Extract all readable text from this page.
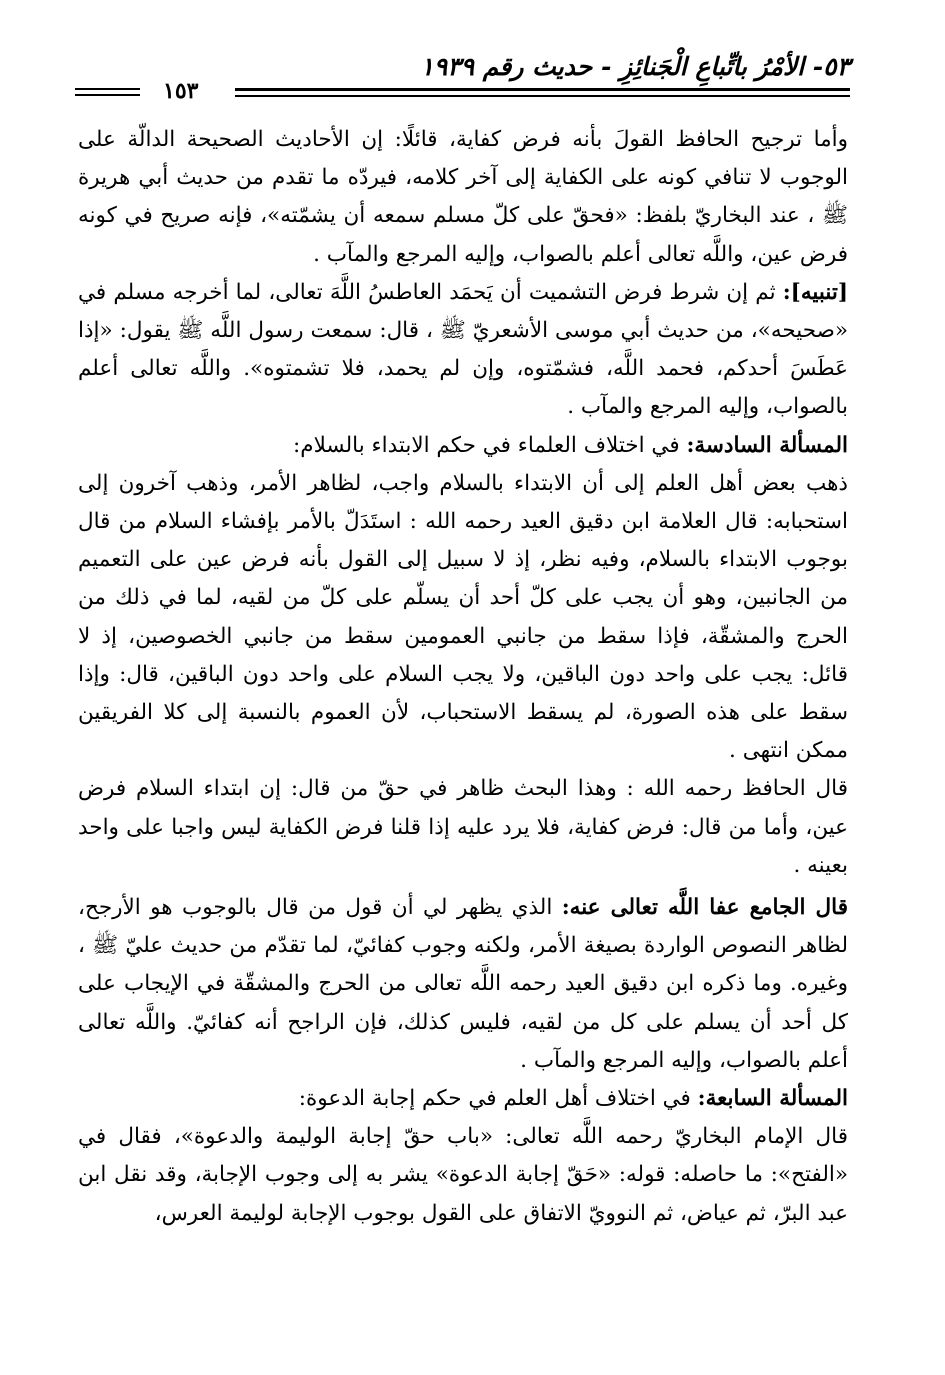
٥٣- الأمْرُ باتِّباعِ الْجَنائِزِ - حديث رقم ١٩٣٩
١٥٣

وأما ترجيح الحافظ القولَ بأنه فرض كفاية، قائلًا: إن الأحاديث الصحيحة الدالّة على الوجوب لا تنافي كونه على الكفاية إلى آخر كلامه، فيردّه ما تقدم من حديث أبي هريرة ﷺ ، عند البخاريّ بلفظ: «فحقّ على كلّ مسلم سمعه أن يشمّته»، فإنه صريح في كونه فرض عين، واللَّه تعالى أعلم بالصواب، وإليه المرجع والمآب .

[تنبيه]: ثم إن شرط فرض التشميت أن يَحمَد العاطسُ اللَّهَ تعالى، لما أخرجه مسلم في «صحيحه»، من حديث أبي موسى الأشعريّ ﷺ ، قال: سمعت رسول اللَّه ﷺ يقول: «إذا عَطَسَ أحدكم، فحمد اللَّه، فشمّتوه، وإن لم يحمد، فلا تشمتوه». واللَّه تعالى أعلم بالصواب، وإليه المرجع والمآب .

المسألة السادسة: في اختلاف العلماء في حكم الابتداء بالسلام:

ذهب بعض أهل العلم إلى أن الابتداء بالسلام واجب، لظاهر الأمر، وذهب آخرون إلى استحبابه: قال العلامة ابن دقيق العيد رحمه الله : استَدَلّ بالأمر بإفشاء السلام من قال بوجوب الابتداء بالسلام، وفيه نظر، إذ لا سبيل إلى القول بأنه فرض عين على التعميم من الجانبين، وهو أن يجب على كلّ أحد أن يسلّم على كلّ من لقيه، لما في ذلك من الحرج والمشقّة، فإذا سقط من جانبي العمومين سقط من جانبي الخصوصين، إذ لا قائل: يجب على واحد دون الباقين، ولا يجب السلام على واحد دون الباقين، قال: وإذا سقط على هذه الصورة، لم يسقط الاستحباب، لأن العموم بالنسبة إلى كلا الفريقين ممكن انتهى .

قال الحافظ رحمه الله : وهذا البحث ظاهر في حقّ من قال: إن ابتداء السلام فرض عين، وأما من قال: فرض كفاية، فلا يرد عليه إذا قلنا فرض الكفاية ليس واجبا على واحد بعينه .

قال الجامع عفا اللَّه تعالى عنه: الذي يظهر لي أن قول من قال بالوجوب هو الأرجح، لظاهر النصوص الواردة بصيغة الأمر، ولكنه وجوب كفائيّ، لما تقدّم من حديث عليّ ﷺ ، وغيره. وما ذكره ابن دقيق العيد رحمه اللَّه تعالى من الحرج والمشقّة في الإيجاب على كل أحد أن يسلم على كل من لقيه، فليس كذلك، فإن الراجح أنه كفائيّ. واللَّه تعالى أعلم بالصواب، وإليه المرجع والمآب .

المسألة السابعة: في اختلاف أهل العلم في حكم إجابة الدعوة:

قال الإمام البخاريّ رحمه اللَّه تعالى: «باب حقّ إجابة الوليمة والدعوة»، فقال في «الفتح»: ما حاصله: قوله: «حَقّ إجابة الدعوة» يشر به إلى وجوب الإجابة، وقد نقل ابن عبد البرّ، ثم عياض، ثم النوويّ الاتفاق على القول بوجوب الإجابة لوليمة العرس،
